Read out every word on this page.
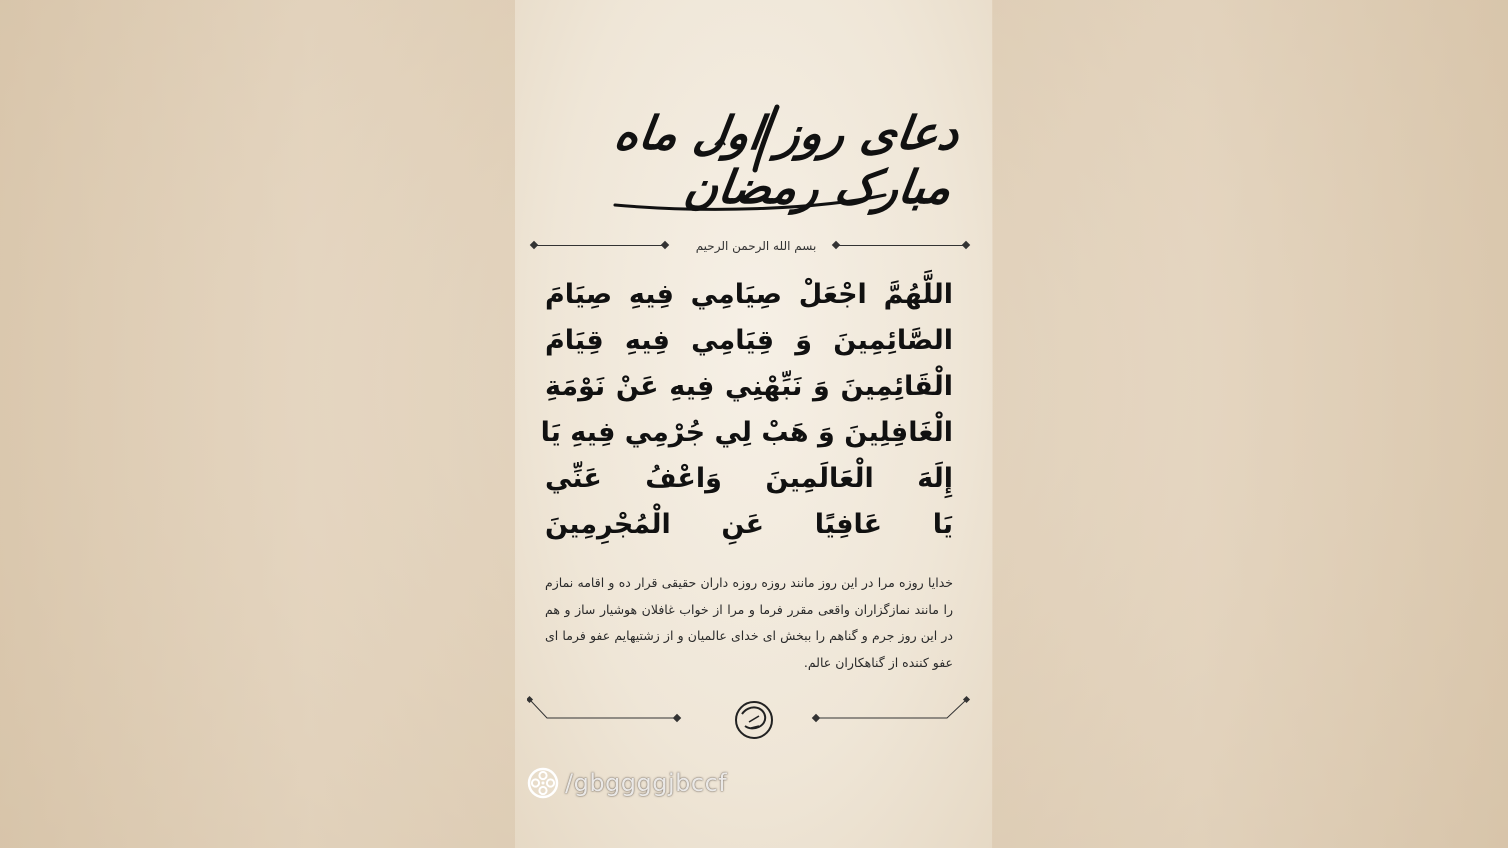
دعای روز اول ماه مبارک رمضان
بسم الله الرحمن الرحیم
اللَّهُمَّ اجْعَلْ صِيَامِي فِيهِ صِيَامَ
الصَّائِمِينَ وَ قِيَامِي فِيهِ قِيَامَ
الْقَائِمِينَ وَ نَبِّهْنِي فِيهِ عَنْ نَوْمَةِ
الْغَافِلِينَ وَ هَبْ لِي جُرْمِي فِيهِ يَا
إِلَهَ الْعَالَمِينَ وَاعْفُ عَنِّي
يَا عَافِيًا عَنِ الْمُجْرِمِينَ
خدایا روزه مرا در این روز مانند روزه روزه داران حقیقی قرار ده و اقامه نمازم را مانند نمازگزاران واقعی مقرر فرما و مرا از خواب غافلان هوشیار ساز و هم در این روز جرم و گناهم را ببخش ای خدای عالمیان و از زشتیهایم عفو فرما ای عفو کننده از گناهکاران عالم.
/gbggggjbccf
